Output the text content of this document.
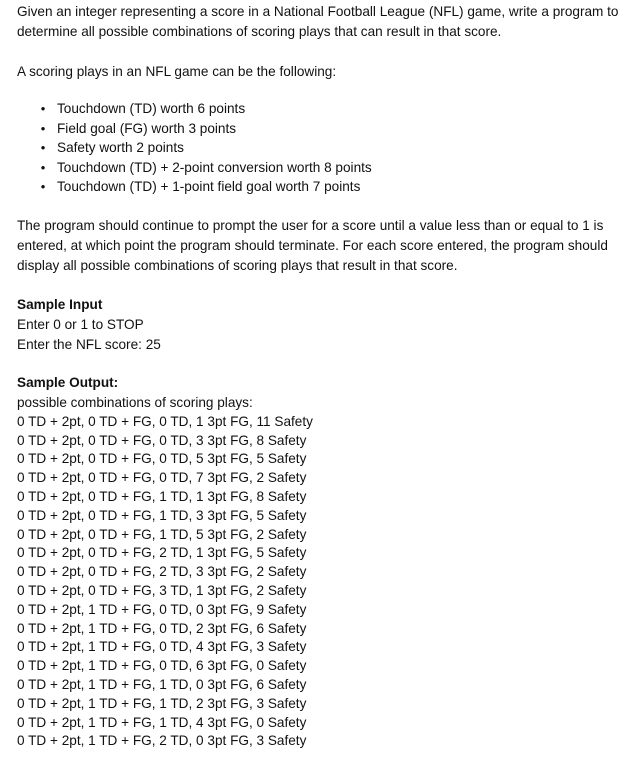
Given an integer representing a score in a National Football League (NFL) game, write a program to determine all possible combinations of scoring plays that can result in that score.

A scoring plays in an NFL game can be the following:

• Touchdown (TD) worth 6 points
• Field goal (FG) worth 3 points
• Safety worth 2 points
• Touchdown (TD) + 2-point conversion worth 8 points
• Touchdown (TD) + 1-point field goal worth 7 points

The program should continue to prompt the user for a score until a value less than or equal to 1 is entered, at which point the program should terminate. For each score entered, the program should display all possible combinations of scoring plays that result in that score.

Sample Input

Enter 0 or 1 to STOP

Enter the NFL score: 25

Sample Output:

possible combinations of scoring plays:

0 TD + 2pt, 0 TD + FG, 0 TD, 1 3pt FG, 11 Safety
0 TD + 2pt, 0 TD + FG, 0 TD, 3 3pt FG, 8 Safety
0 TD + 2pt, 0 TD + FG, 0 TD, 5 3pt FG, 5 Safety
0 TD + 2pt, 0 TD + FG, 0 TD, 7 3pt FG, 2 Safety
0 TD + 2pt, 0 TD + FG, 1 TD, 1 3pt FG, 8 Safety
0 TD + 2pt, 0 TD + FG, 1 TD, 3 3pt FG, 5 Safety
0 TD + 2pt, 0 TD + FG, 1 TD, 5 3pt FG, 2 Safety
0 TD + 2pt, 0 TD + FG, 2 TD, 1 3pt FG, 5 Safety
0 TD + 2pt, 0 TD + FG, 2 TD, 3 3pt FG, 2 Safety
0 TD + 2pt, 0 TD + FG, 3 TD, 1 3pt FG, 2 Safety
0 TD + 2pt, 1 TD + FG, 0 TD, 0 3pt FG, 9 Safety
0 TD + 2pt, 1 TD + FG, 0 TD, 2 3pt FG, 6 Safety
0 TD + 2pt, 1 TD + FG, 0 TD, 4 3pt FG, 3 Safety
0 TD + 2pt, 1 TD + FG, 0 TD, 6 3pt FG, 0 Safety
0 TD + 2pt, 1 TD + FG, 1 TD, 0 3pt FG, 6 Safety
0 TD + 2pt, 1 TD + FG, 1 TD, 2 3pt FG, 3 Safety
0 TD + 2pt, 1 TD + FG, 1 TD, 4 3pt FG, 0 Safety
0 TD + 2pt, 1 TD + FG, 2 TD, 0 3pt FG, 3 Safety
